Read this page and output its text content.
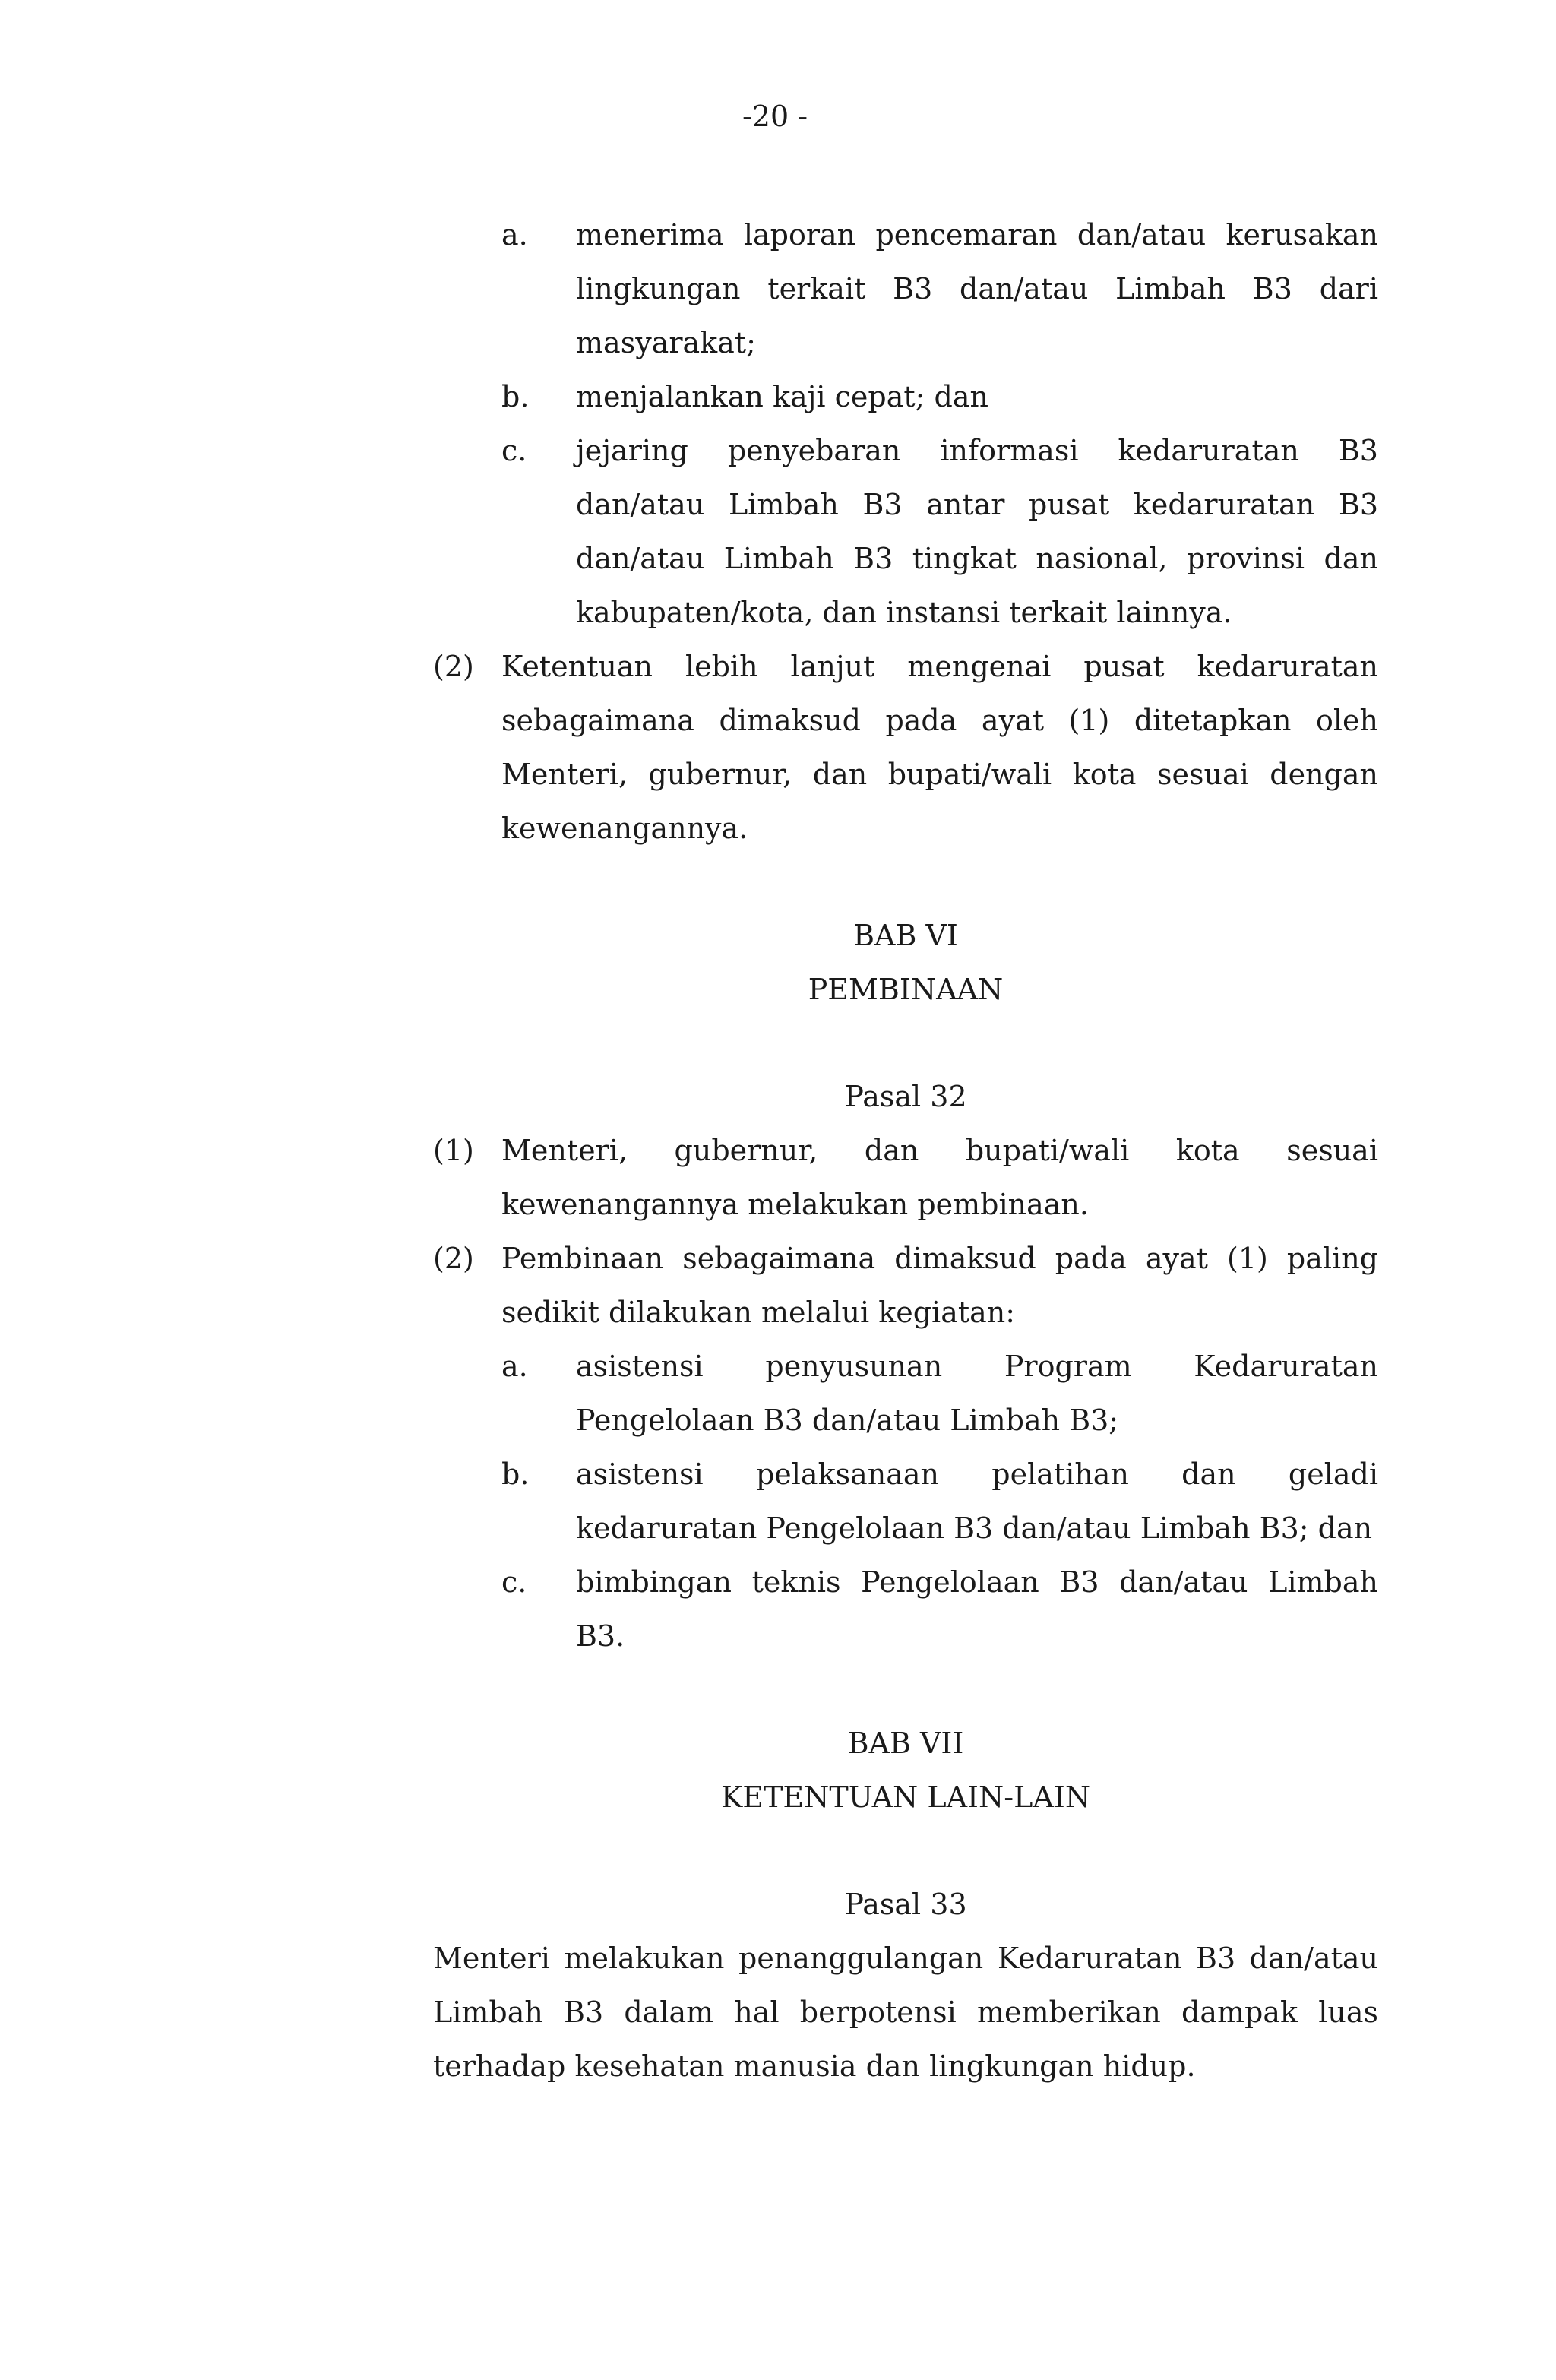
-20 -
a.	menerima laporan pencemaran dan/atau kerusakan lingkungan terkait B3 dan/atau Limbah B3 dari masyarakat;
b.	menjalankan kaji cepat; dan
c.	jejaring penyebaran informasi kedaruratan B3 dan/atau Limbah B3 antar pusat kedaruratan B3 dan/atau Limbah B3 tingkat nasional, provinsi dan kabupaten/kota, dan instansi terkait lainnya.
(2) Ketentuan lebih lanjut mengenai pusat kedaruratan sebagaimana dimaksud pada ayat (1) ditetapkan oleh Menteri, gubernur, dan bupati/wali kota sesuai dengan kewenangannya.
BAB VI
PEMBINAAN
Pasal 32
(1) Menteri, gubernur, dan bupati/wali kota sesuai kewenangannya melakukan pembinaan.
(2) Pembinaan sebagaimana dimaksud pada ayat (1) paling sedikit dilakukan melalui kegiatan:
a.	asistensi penyusunan Program Kedaruratan Pengelolaan B3 dan/atau Limbah B3;
b.	asistensi pelaksanaan pelatihan dan geladi kedaruratan Pengelolaan B3 dan/atau Limbah B3; dan
c.	bimbingan teknis Pengelolaan B3 dan/atau Limbah B3.
BAB VII
KETENTUAN LAIN-LAIN
Pasal 33
Menteri melakukan penanggulangan Kedaruratan B3 dan/atau Limbah B3 dalam hal berpotensi memberikan dampak luas terhadap kesehatan manusia dan lingkungan hidup.
